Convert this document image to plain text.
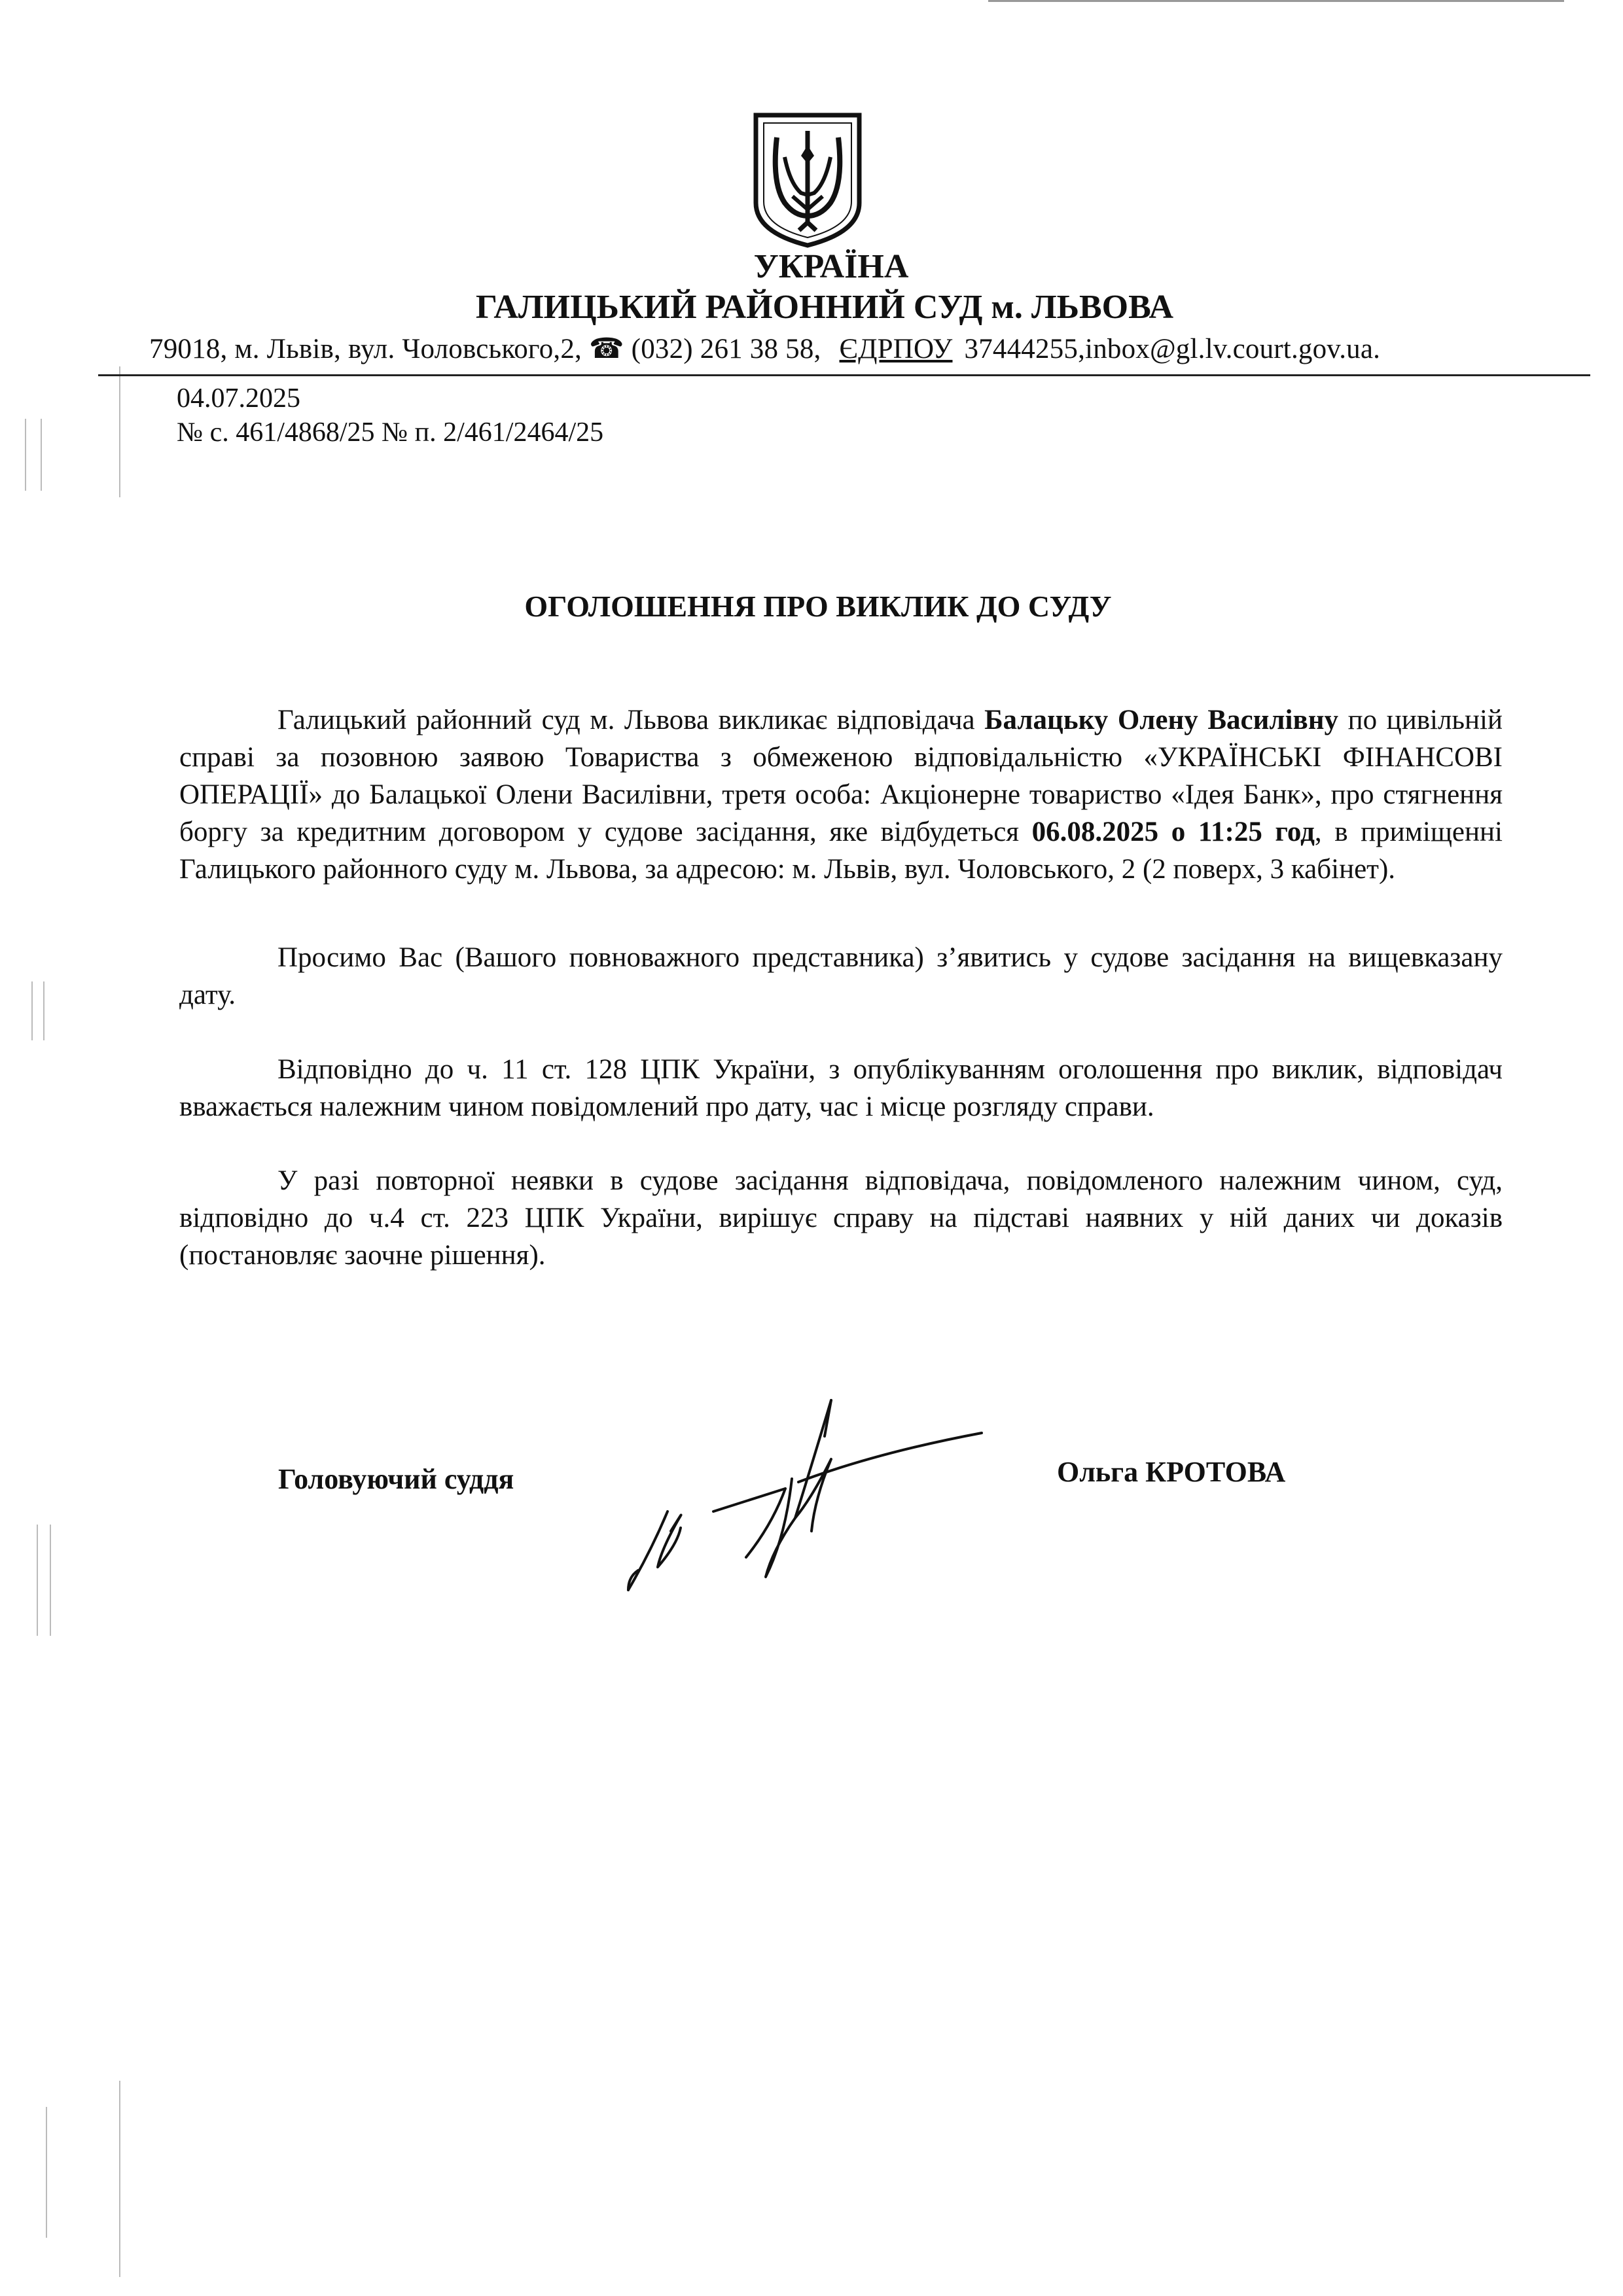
УКРАЇНА
ГАЛИЦЬКИЙ РАЙОННИЙ СУД м. ЛЬВОВА
79018, м. Львів, вул. Чоловського,2, ☎ (032) 261 38 58, ЄДРПОУ 37444255,inbox@gl.lv.court.gov.ua.
04.07.2025
№ с. 461/4868/25 № п. 2/461/2464/25
ОГОЛОШЕННЯ ПРО ВИКЛИК ДО СУДУ
Галицький районний суд м. Львова викликає відповідача Балацьку Олену Василівну по цивільній справі за позовною заявою Товариства з обмеженою відповідальністю «УКРАЇНСЬКІ ФІНАНСОВІ ОПЕРАЦІЇ» до Балацької Олени Василівни, третя особа: Акціонерне товариство «Ідея Банк», про стягнення боргу за кредитним договором у судове засідання, яке відбудеться 06.08.2025 о 11:25 год, в приміщенні Галицького районного суду м. Львова, за адресою: м. Львів, вул. Чоловського, 2 (2 поверх, 3 кабінет).
Просимо Вас (Вашого повноважного представника) з’явитись у судове засідання на вищевказану дату.
Відповідно до ч. 11 ст. 128 ЦПК України, з опублікуванням оголошення про виклик, відповідач вважається належним чином повідомлений про дату, час і місце розгляду справи.
У разі повторної неявки в судове засідання відповідача, повідомленого належним чином, суд, відповідно до ч.4 ст. 223 ЦПК України, вирішує справу на підставі наявних у ній даних чи доказів (постановляє заочне рішення).
Головуючий суддя	Ольга КРОТОВА
